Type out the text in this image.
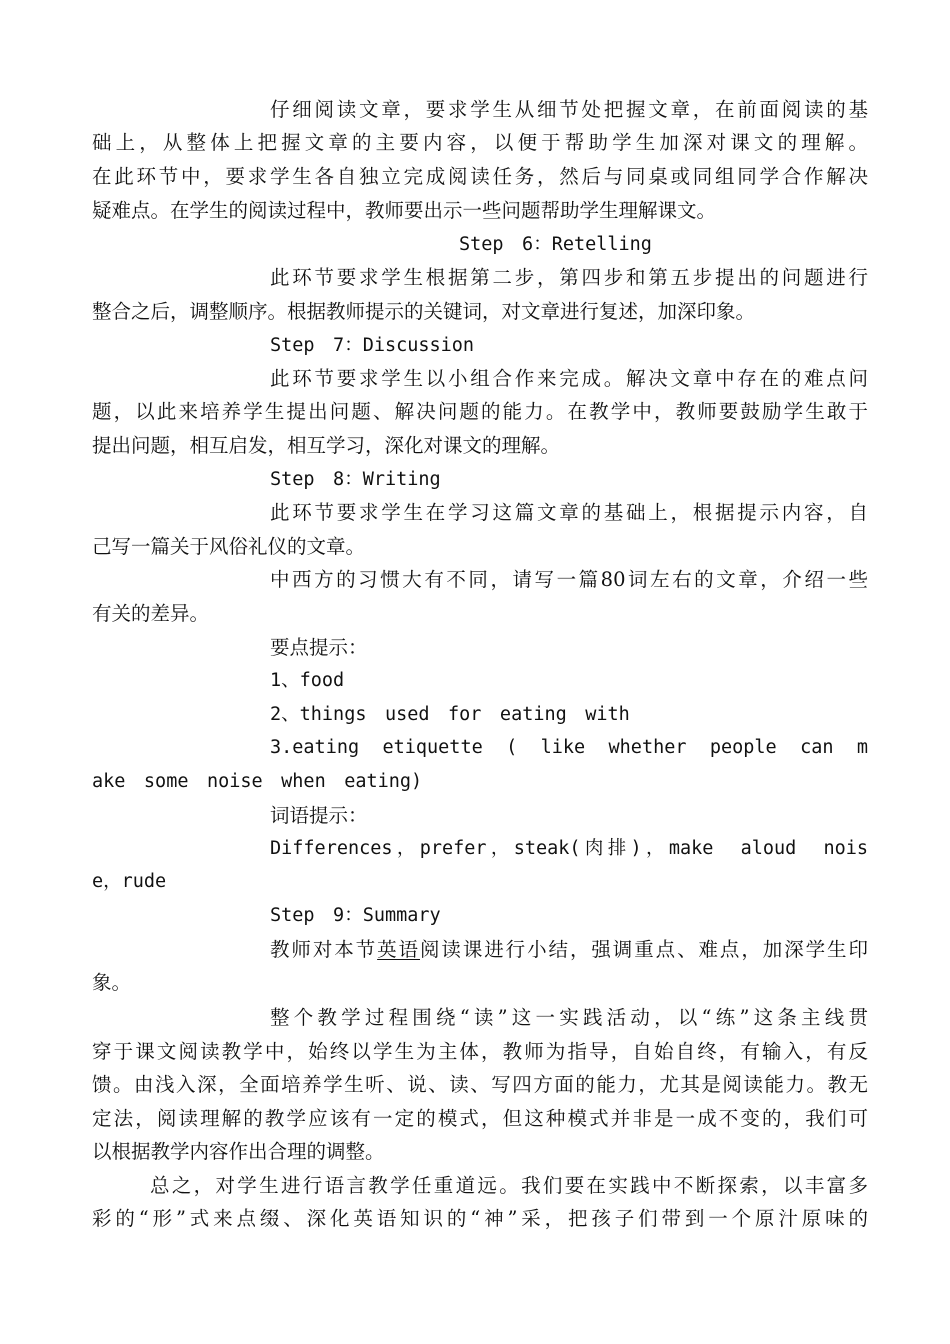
仔细阅读文章，要求学生从细节处把握文章，在前面阅读的基
础上，从整体上把握文章的主要内容，以便于帮助学生加深对课文的理解。
在此环节中，要求学生各自独立完成阅读任务，然后与同桌或同组同学合作解决
疑难点。在学生的阅读过程中，教师要出示一些问题帮助学生理解课文。
Step　6：Retelling
此环节要求学生根据第二步，第四步和第五步提出的问题进行
整合之后，调整顺序。根据教师提示的关键词，对文章进行复述，加深印象。
Step　7：Discussion
此环节要求学生以小组合作来完成。解决文章中存在的难点问
题，以此来培养学生提出问题、解决问题的能力。在教学中，教师要鼓励学生敢于
提出问题，相互启发，相互学习，深化对课文的理解。
Step　8：Writing
此环节要求学生在学习这篇文章的基础上，根据提示内容，自
己写一篇关于风俗礼仪的文章。
中西方的习惯大有不同，请写一篇80词左右的文章，介绍一些
有关的差异。
要点提示：
1、food
2、things　used　for　eating　with
3.eating　etiquette　(　like　whether　people　can　m
ake　some　noise　when　eating)
词语提示：
Differences，prefer，steak(肉排)，make　aloud　nois
e，rude
Step　9：Summary
教师对本节英语阅读课进行小结，强调重点、难点，加深学生印
象。
整个教学过程围绕“读”这一实践活动，以“练”这条主线贯
穿于课文阅读教学中，始终以学生为主体，教师为指导，自始自终，有输入，有反
馈。由浅入深，全面培养学生听、说、读、写四方面的能力，尤其是阅读能力。教无
定法，阅读理解的教学应该有一定的模式，但这种模式并非是一成不变的，我们可
以根据教学内容作出合理的调整。
总之，对学生进行语言教学任重道远。我们要在实践中不断探索，以丰富多
彩的“形”式来点缀、深化英语知识的“神”采，把孩子们带到一个原汁原味的
